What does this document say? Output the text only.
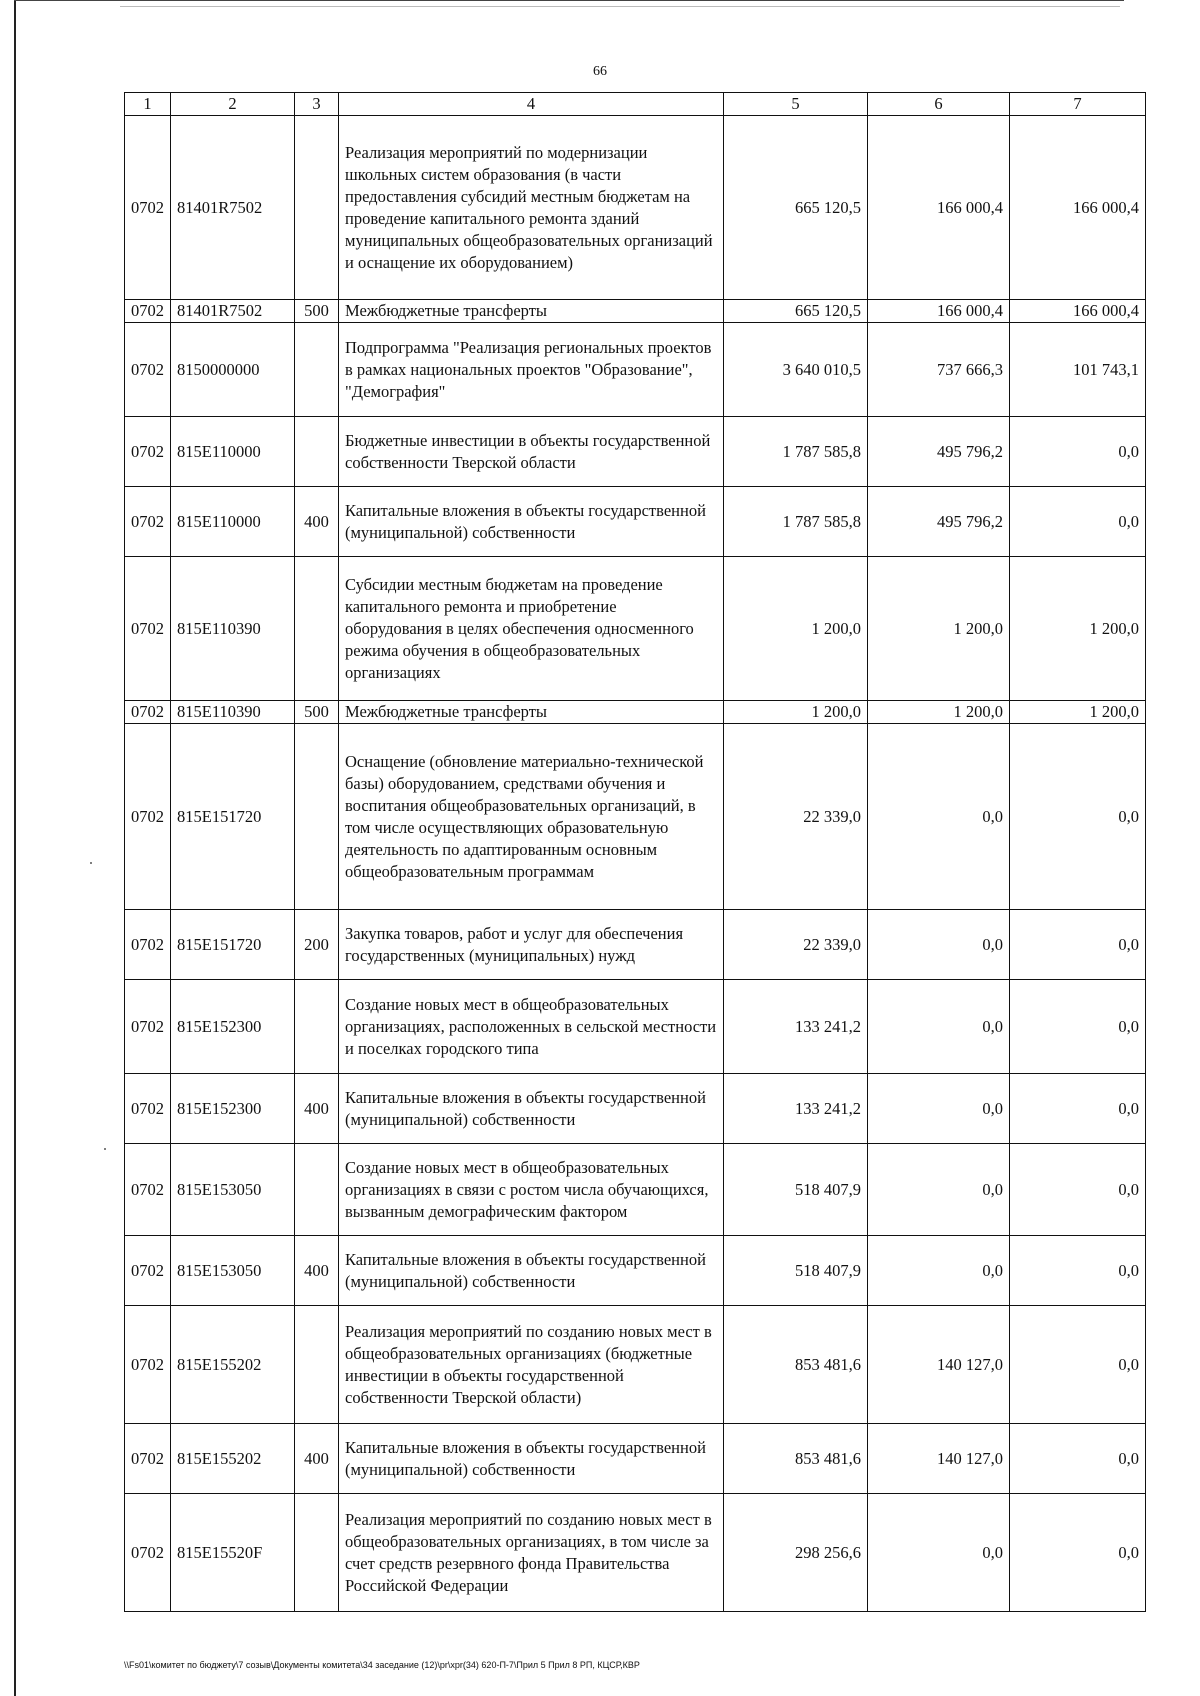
66
1	2	3	4	5	6	7
0702	81401R7502		Реализация мероприятий по модернизации школьных систем образования (в части предоставления субсидий местным бюджетам на проведение капитального ремонта зданий муниципальных общеобразовательных организаций и оснащение их оборудованием)	665 120,5	166 000,4	166 000,4
0702	81401R7502	500	Межбюджетные трансферты	665 120,5	166 000,4	166 000,4
0702	8150000000		Подпрограмма "Реализация региональных проектов в рамках национальных проектов "Образование", "Демография"	3 640 010,5	737 666,3	101 743,1
0702	815E110000		Бюджетные инвестиции в объекты государственной собственности Тверской области	1 787 585,8	495 796,2	0,0
0702	815E110000	400	Капитальные вложения в объекты государственной (муниципальной) собственности	1 787 585,8	495 796,2	0,0
0702	815E110390		Субсидии местным бюджетам на проведение капитального ремонта и приобретение оборудования в целях обеспечения односменного режима обучения в общеобразовательных организациях	1 200,0	1 200,0	1 200,0
0702	815E110390	500	Межбюджетные трансферты	1 200,0	1 200,0	1 200,0
0702	815E151720		Оснащение (обновление материально-технической базы) оборудованием, средствами обучения и воспитания общеобразовательных организаций, в том числе осуществляющих образовательную деятельность по адаптированным основным общеобразовательным программам	22 339,0	0,0	0,0
0702	815E151720	200	Закупка товаров, работ и услуг для обеспечения государственных (муниципальных) нужд	22 339,0	0,0	0,0
0702	815E152300		Создание новых мест в общеобразовательных организациях, расположенных в сельской местности и поселках городского типа	133 241,2	0,0	0,0
0702	815E152300	400	Капитальные вложения в объекты государственной (муниципальной) собственности	133 241,2	0,0	0,0
0702	815E153050		Создание новых мест в общеобразовательных организациях в связи с ростом числа обучающихся, вызванным демографическим фактором	518 407,9	0,0	0,0
0702	815E153050	400	Капитальные вложения в объекты государственной (муниципальной) собственности	518 407,9	0,0	0,0
0702	815E155202		Реализация мероприятий по созданию новых мест в общеобразовательных организациях (бюджетные инвестиции в объекты государственной собственности Тверской области)	853 481,6	140 127,0	0,0
0702	815E155202	400	Капитальные вложения в объекты государственной (муниципальной) собственности	853 481,6	140 127,0	0,0
0702	815E15520F		Реализация мероприятий по созданию новых мест в общеобразовательных организациях, в том числе за счет средств резервного фонда Правительства Российской Федерации	298 256,6	0,0	0,0
\\Fs01\комитет по бюджету\7 созыв\Документы комитета\34 заседание (12)\pr\xpr(34) 620-П-7\Прил 5 Прил 8 РП, КЦСР,КВР
